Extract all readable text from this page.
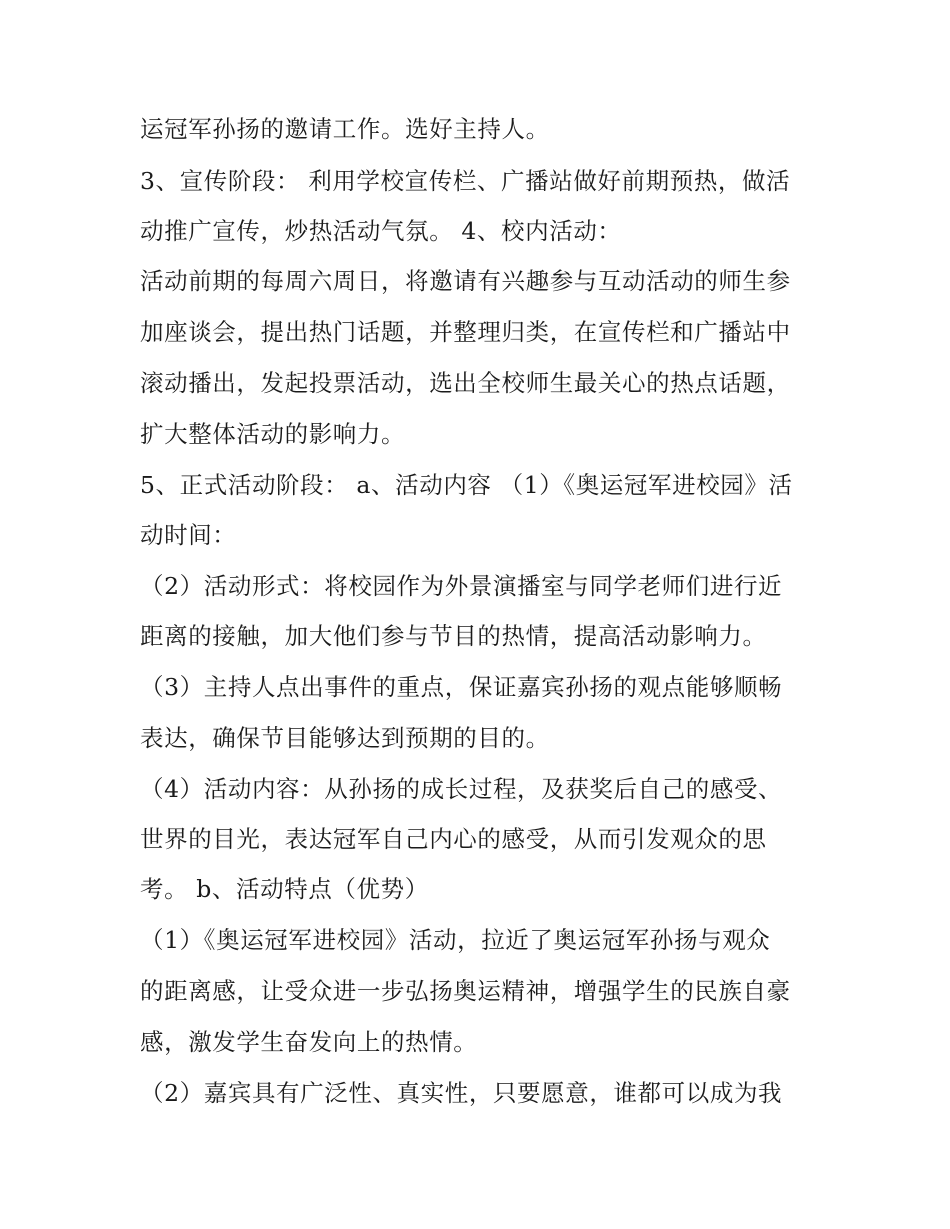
运冠军孙扬的邀请工作。选好主持人。
3、宣传阶段： 利用学校宣传栏、广播站做好前期预热，做活
动推广宣传，炒热活动气氛。 4、校内活动：
活动前期的每周六周日，将邀请有兴趣参与互动活动的师生参
加座谈会，提出热门话题，并整理归类，在宣传栏和广播站中
滚动播出，发起投票活动，选出全校师生最关心的热点话题，
扩大整体活动的影响力。
5、正式活动阶段： a、活动内容 （1）《奥运冠军进校园》活
动时间：
（2）活动形式：将校园作为外景演播室与同学老师们进行近
距离的接触，加大他们参与节目的热情，提高活动影响力。
（3）主持人点出事件的重点，保证嘉宾孙扬的观点能够顺畅
表达，确保节目能够达到预期的目的。
（4）活动内容：从孙扬的成长过程，及获奖后自己的感受、
世界的目光，表达冠军自己内心的感受，从而引发观众的思
考。 b、活动特点（优势）
（1）《奥运冠军进校园》活动，拉近了奥运冠军孙扬与观众
的距离感，让受众进一步弘扬奥运精神，增强学生的民族自豪
感，激发学生奋发向上的热情。
（2）嘉宾具有广泛性、真实性，只要愿意，谁都可以成为我
